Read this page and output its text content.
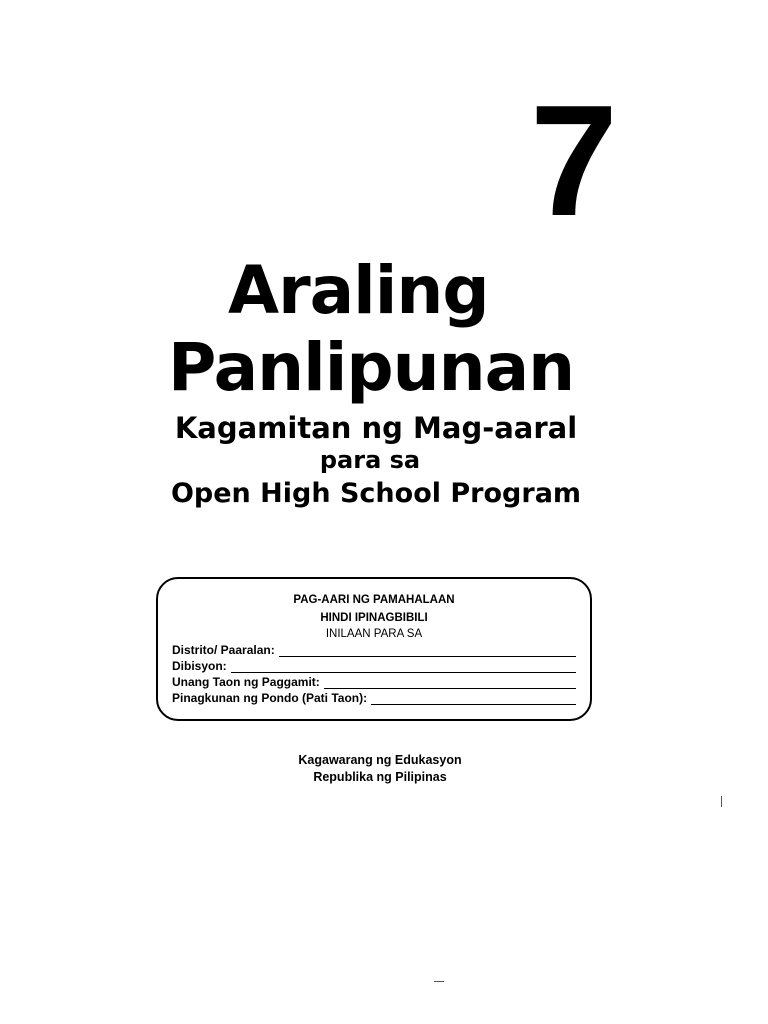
7
Araling
Panlipunan
Kagamitan ng Mag-aaral
para sa
Open High School Program
PAG-AARI NG PAMAHALAAN
HINDI IPINAGBIBILI
INILAAN PARA SA
Distrito/ Paaralan:
Dibisyon:
Unang Taon ng Paggamit:
Pinagkunan ng Pondo (Pati Taon):
Kagawarang ng Edukasyon
Republika ng Pilipinas
